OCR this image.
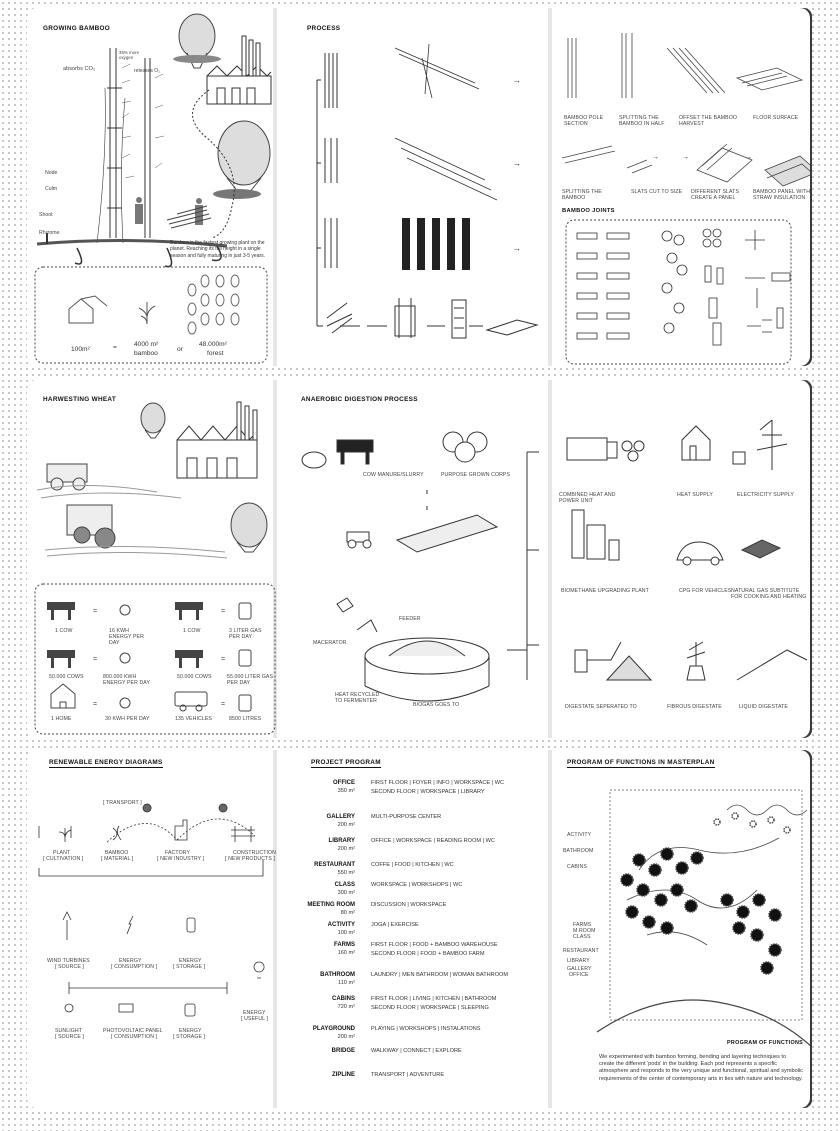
→
→
→
→	→	→
GROWING BAMBOO
absorbs CO₂
35% more oxygen
releases O₂
Node
Culm
Shoot
Rhizome
Bamboo is the fastest growing plant on the planet. Reaching its full height in a single season and fully maturing in just 3-5 years.
100m²	=	4000 m²
bamboo
or
48.000m²
forest
PROCESS
BAMBOO POLE SECTION
SPLITTING THE BAMBOO IN HALF
OFFSET THE BAMBOO HARVEST
FLOOR SURFACE
SPLITTING THE BAMBOO
SLATS CUT TO SIZE DIFFERENT SLATS CREATE A PANEL
BAMBOO PANEL WITH STRAW INSULATION
BAMBOO JOINTS
=	=
=	=
=	=
HARWESTING WHEAT
1 COW	16 KWH ENERGY PER DAY
1 COW	3 LITER GAS PER DAY
50.000 COWS	800.000 KWH ENERGY PER DAY
50.000 COWS	55.000 LITER GAS PER DAY
1 HOME	30 KWH PER DAY	135 VEHICLES	8500 LITRES
ANAEROBIC DIGESTION PROCESS
COW MANURE/SLURRY	PURPOSE GROWN CORPS
FEEDER
MACERATOR
HEAT RECYCLED TO FERMENTER
BIOGAS GOES TO
COMBINED HEAT AND POWER UNIT
HEAT SUPPLY	ELECTRICITY SUPPLY
BIOMETHANE UPGRADING PLANT	CPG FOR VEHICLES NATURAL GAS SUBTITUTE FOR COOKING AND HEATING
DIGESTATE SEPERATED TO	FIBROUS DIGESTATE	LIQUID DIGESTATE
RENEWABLE ENERGY DIAGRAMS
[ TRANSPORT ]
PLANT
[ CULTIVATION ]
BAMBOO
[ MATERIAL ]
FACTORY
[ NEW INDUSTRY ]
CONSTRUCTION
[ NEW PRODUCTS ]
WIND TURBINES
[ SOURCE ]
ENERGY
[ CONSUMPTION ]
ENERGY
[ STORAGE ]
ENERGY
[ USEFUL ]
SUNLIGHT
[ SOURCE ]
PHOTOVOLTAIC PANEL
[ CONSUMPTION ]
ENERGY
[ STORAGE ]
PROJECT PROGRAM
OFFICE
350 m²
FIRST FLOOR | FOYER | INFO | WORKSPACE | WC
SECOND FLOOR | WORKSPACE | LIBRARY
GALLERY
200 m²
MULTI-PURPOSE CENTER
LIBRARY
200 m²
OFFICE | WORKSPACE | READING ROOM | WC
RESTAURANT
550 m²
COFFE | FOOD | KITCHEN | WC
CLASS
300 m²
WORKSPACE | WORKSHOPS | WC
MEETING ROOM
80 m²
DISCUSSION | WORKSPACE
ACTIVITY
100 m²
JOGA | EXERCISE
FARMS
160 m²
FIRST FLOOR | FOOD + BAMBOO WAREHOUSE
SECOND FLOOR | FOOD + BAMBOO FARM
BATHROOM
110 m²
LAUNDRY | MEN BATHROOM | WOMAN BATHROOM
CABINS
720 m²
FIRST FLOOR | LIVING | KITCHEN | BATHROOM
SECOND FLOOR | WORKSPACE | SLEEPING
PLAYGROUND
200 m²
PLAYING | WORKSHOPS | INSTALATIONS
BRIDGE	WALKWAY | CONNECT | EXPLORE
ZIPLINE	TRANSPORT | ADVENTURE
PROGRAM OF FUNCTIONS IN MASTERPLAN
ACTIVITY
BATHROOM
CABINS
FARMS
M.ROOM
CLASS
RESTAURANT
LIBRARY
GALLERY
OFFICE
PROGRAM OF FUNCTIONS
We experimented with bamboo forming, bending and layering techniques to create the different 'pods' in the building. Each pod represents a specific atmosphere and responds to the very unique and functional, spiritual and symbolic requirements of the center of contemporary arts in ties with nature and technology.
